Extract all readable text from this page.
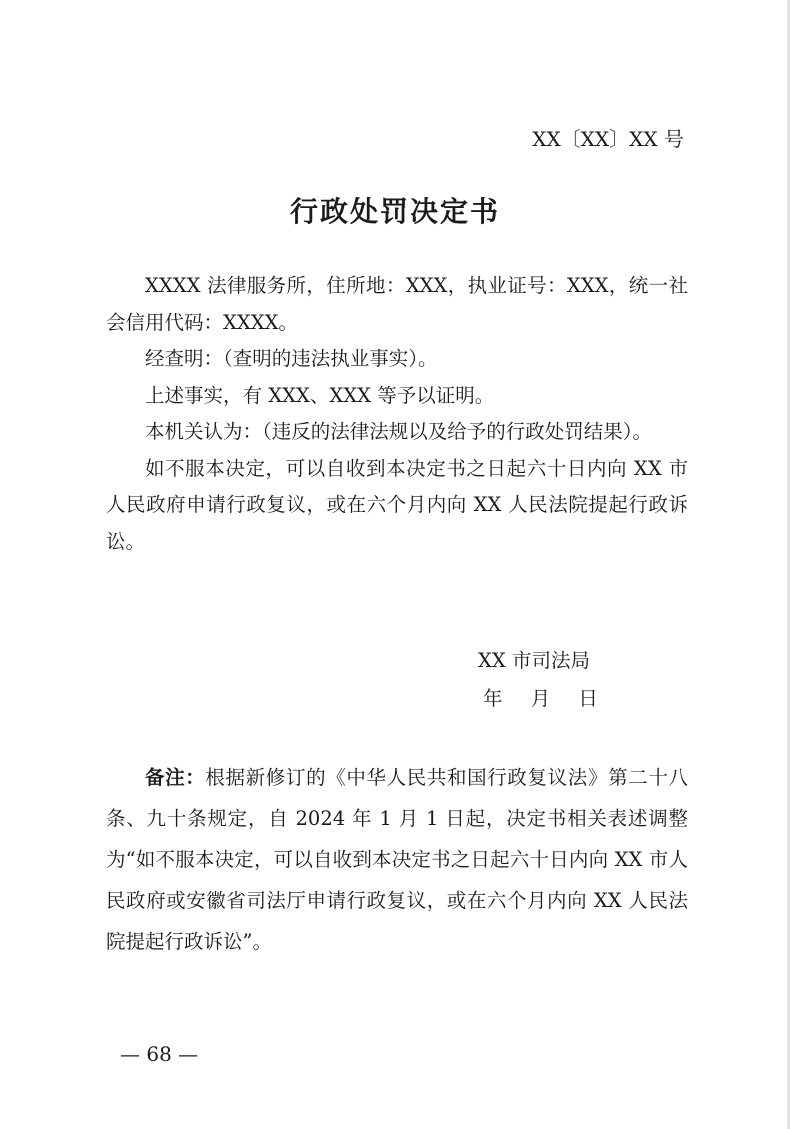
XX〔XX〕XX 号
行政处罚决定书

XXXX 法律服务所，住所地：XXX，执业证号：XXX，统一社会信用代码：XXXX。

经查明：（查明的违法执业事实）。

上述事实，有 XXX、XXX 等予以证明。

本机关认为：（违反的法律法规以及给予的行政处罚结果）。

如不服本决定，可以自收到本决定书之日起六十日内向 XX 市人民政府申请行政复议，或在六个月内向 XX 人民法院提起行政诉讼。

XX 市司法局
年 月 日

备注：根据新修订的《中华人民共和国行政复议法》第二十八条、九十条规定，自 2024 年 1 月 1 日起，决定书相关表述调整为“如不服本决定，可以自收到本决定书之日起六十日内向 XX 市人民政府或安徽省司法厅申请行政复议，或在六个月内向 XX 人民法院提起行政诉讼”。

— 68 —
